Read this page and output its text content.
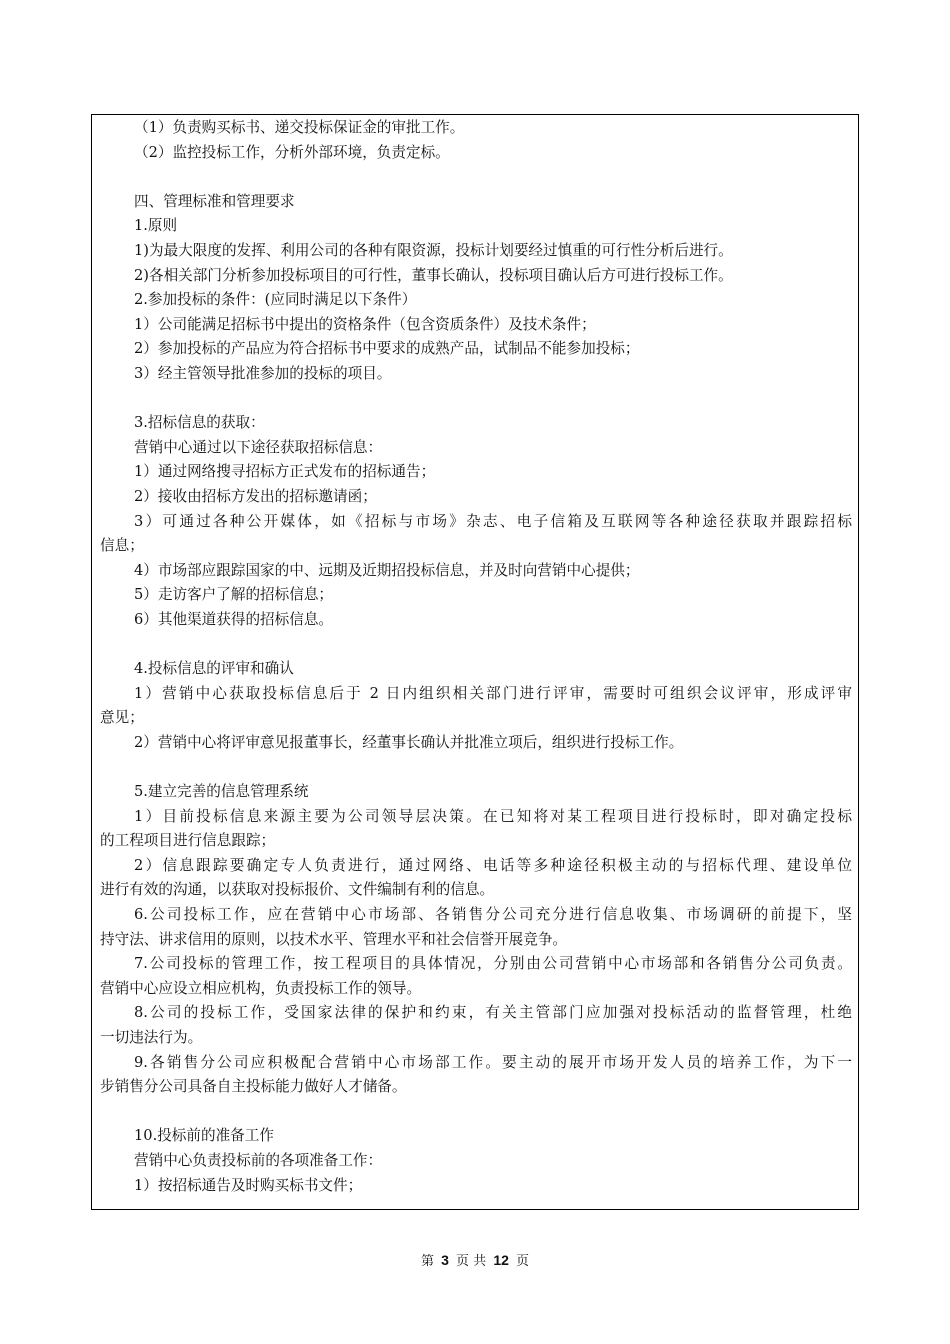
（1）负责购买标书、递交投标保证金的审批工作。
（2）监控投标工作，分析外部环境，负责定标。
四、管理标准和管理要求
1.原则
1)为最大限度的发挥、利用公司的各种有限资源，投标计划要经过慎重的可行性分析后进行。
2)各相关部门分析参加投标项目的可行性，董事长确认，投标项目确认后方可进行投标工作。
2.参加投标的条件：(应同时满足以下条件）
1）公司能满足招标书中提出的资格条件（包含资质条件）及技术条件；
2）参加投标的产品应为符合招标书中要求的成熟产品，试制品不能参加投标；
3）经主管领导批准参加的投标的项目。
3.招标信息的获取：
营销中心通过以下途径获取招标信息：
1）通过网络搜寻招标方正式发布的招标通告；
2）接收由招标方发出的招标邀请函；
3）可通过各种公开媒体，如《招标与市场》杂志、电子信箱及互联网等各种途径获取并跟踪招标
信息；
4）市场部应跟踪国家的中、远期及近期招投标信息，并及时向营销中心提供；
5）走访客户了解的招标信息；
6）其他渠道获得的招标信息。
4.投标信息的评审和确认
1）营销中心获取投标信息后于 2 日内组织相关部门进行评审，需要时可组织会议评审，形成评审
意见；
2）营销中心将评审意见报董事长，经董事长确认并批准立项后，组织进行投标工作。
5.建立完善的信息管理系统
1）目前投标信息来源主要为公司领导层决策。在已知将对某工程项目进行投标时，即对确定投标
的工程项目进行信息跟踪；
2）信息跟踪要确定专人负责进行，通过网络、电话等多种途径积极主动的与招标代理、建设单位
进行有效的沟通，以获取对投标报价、文件编制有利的信息。
6.公司投标工作，应在营销中心市场部、各销售分公司充分进行信息收集、市场调研的前提下，坚
持守法、讲求信用的原则，以技术水平、管理水平和社会信誉开展竞争。
7.公司投标的管理工作，按工程项目的具体情况，分别由公司营销中心市场部和各销售分公司负责。
营销中心应设立相应机构，负责投标工作的领导。
8.公司的投标工作，受国家法律的保护和约束，有关主管部门应加强对投标活动的监督管理，杜绝
一切违法行为。
9.各销售分公司应积极配合营销中心市场部工作。要主动的展开市场开发人员的培养工作，为下一
步销售分公司具备自主投标能力做好人才储备。
10.投标前的准备工作
营销中心负责投标前的各项准备工作：
1）按招标通告及时购买标书文件；
第 3 页 共 12 页
